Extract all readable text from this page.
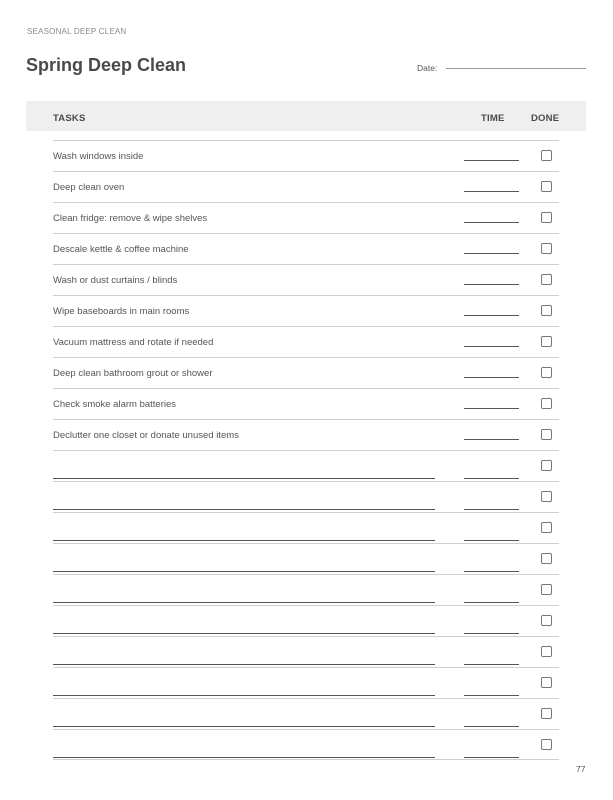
SEASONAL DEEP CLEAN
Spring Deep Clean	Date:
TASKS	TIME	DONE
Wash windows inside
Deep clean oven
Clean fridge: remove & wipe shelves
Descale kettle & coffee machine
Wash or dust curtains / blinds
Wipe baseboards in main rooms
Vacuum mattress and rotate if needed
Deep clean bathroom grout or shower
Check smoke alarm batteries
Declutter one closet or donate unused items
77
